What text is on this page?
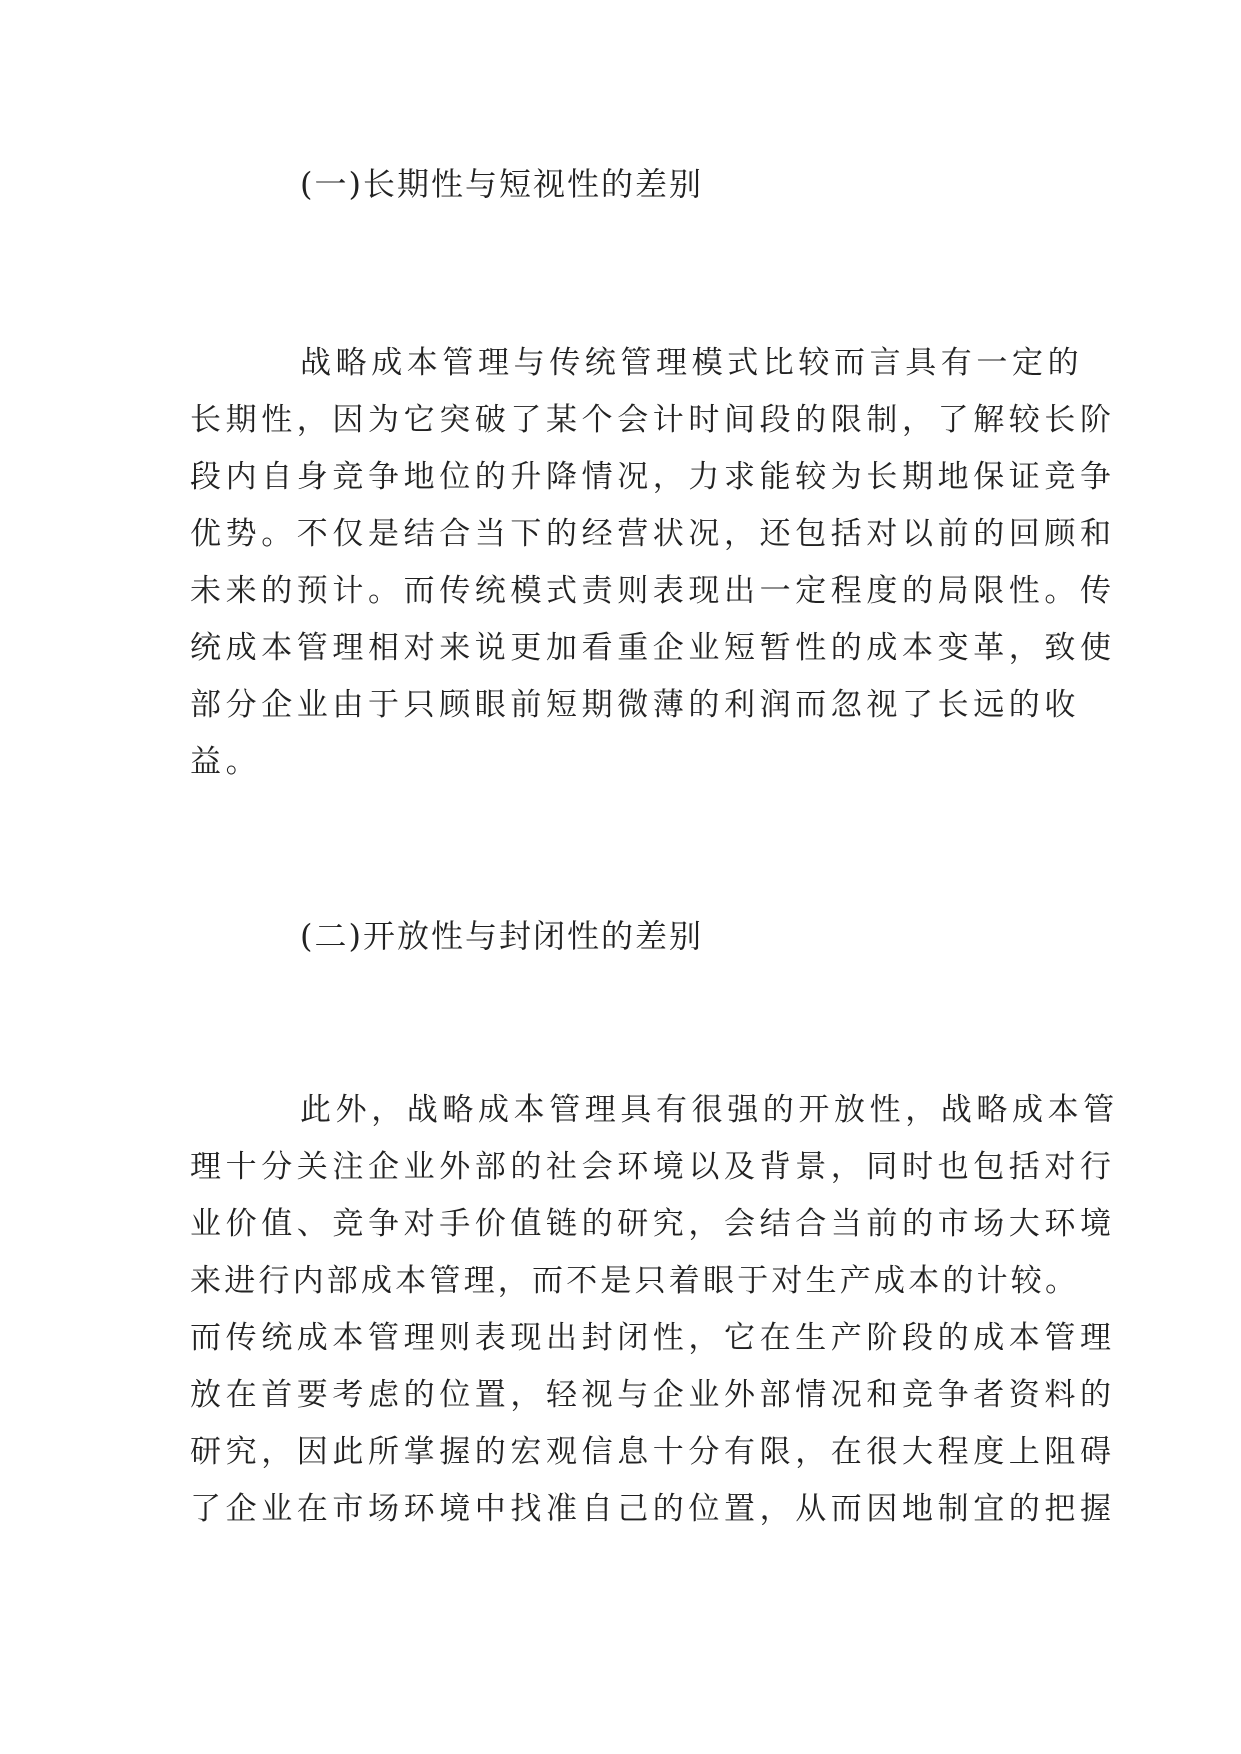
(一)长期性与短视性的差别
战略成本管理与传统管理模式比较而言具有一定的
长期性，因为它突破了某个会计时间段的限制，了解较长阶
段内自身竞争地位的升降情况，力求能较为长期地保证竞争
优势。不仅是结合当下的经营状况，还包括对以前的回顾和
未来的预计。而传统模式责则表现出一定程度的局限性。传
统成本管理相对来说更加看重企业短暂性的成本变革，致使
部分企业由于只顾眼前短期微薄的利润而忽视了长远的收
益。
(二)开放性与封闭性的差别
此外，战略成本管理具有很强的开放性，战略成本管
理十分关注企业外部的社会环境以及背景，同时也包括对行
业价值、竞争对手价值链的研究，会结合当前的市场大环境
来进行内部成本管理，而不是只着眼于对生产成本的计较。
而传统成本管理则表现出封闭性，它在生产阶段的成本管理
放在首要考虑的位置，轻视与企业外部情况和竞争者资料的
研究，因此所掌握的宏观信息十分有限，在很大程度上阻碍
了企业在市场环境中找准自己的位置，从而因地制宜的把握
